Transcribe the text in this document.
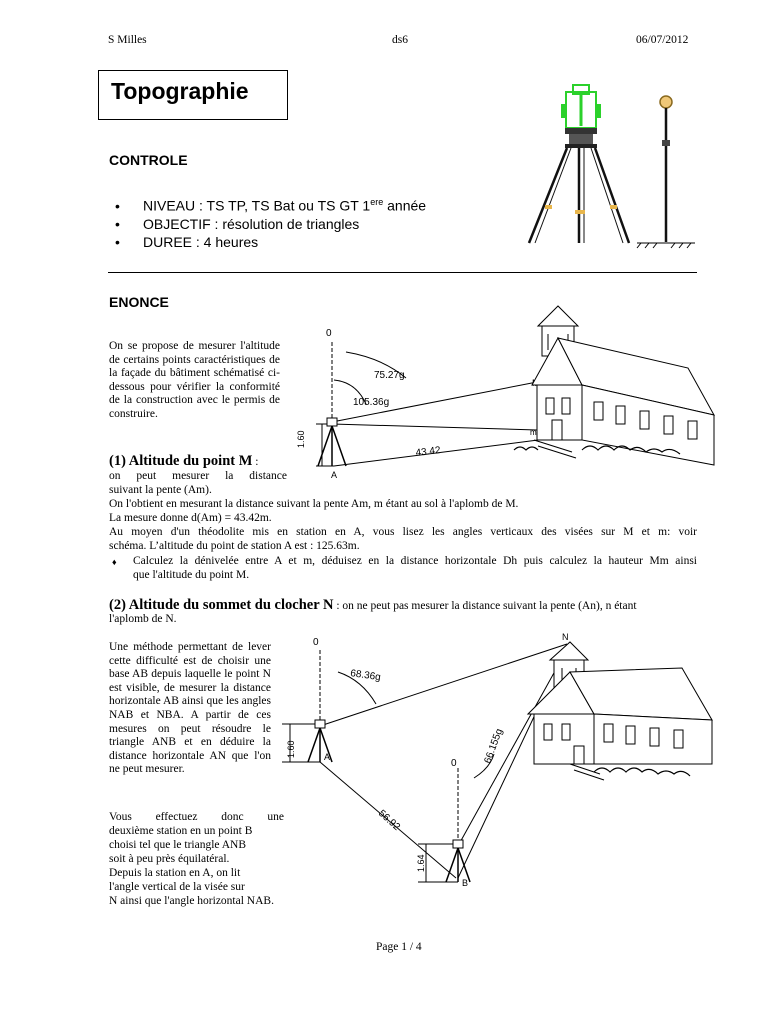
S Milles	ds6	06/07/2012
Topographie
CONTROLE
• NIVEAU : TS TP, TS Bat ou TS GT 1ere année
• OBJECTIF : résolution de triangles
• DUREE : 4 heures
ENONCE
On se propose de mesurer l'altitude de certains points caractéristiques de la façade du bâtiment schématisé ci-dessous pour vérifier la conformité de la construction avec le permis de construire.
0
75.27g
105.36g
1.60
43.42
A
m
(1) Altitude du point M :
on peut mesurer la distance
suivant la pente (Am).
On l'obtient en mesurant la distance suivant la pente Am, m étant au sol à l'aplomb de M.
La mesure donne d(Am) = 43.42m.
Au moyen d'un théodolite mis en station en A, vous lisez les angles verticaux des visées sur M et m: voir
schéma. L’altitude du point de station A est : 125.63m.
♦ Calculez la dénivelée entre A et m, déduisez en la distance horizontale Dh puis calculez la hauteur Mm ainsi
que l'altitude du point M.
(2) Altitude du sommet du clocher N : on ne peut pas mesurer la distance suivant la pente (An), n étant
l'aplomb de N.
Une méthode permettant de lever cette difficulté est de choisir une base AB depuis laquelle le point N est visible, de mesurer la distance horizontale AB ainsi que les angles NAB et NBA. A partir de ces mesures on peut résoudre le triangle ANB et en déduire la distance horizontale AN que l'on ne peut mesurer.
Vous effectuez donc une
deuxième station en un point B
choisi tel que le triangle ANB
soit à peu près équilatéral.
Depuis la station en A, on lit
l'angle vertical de la visée sur
N ainsi que l'angle horizontal NAB.
0
0
68.36g
66.155g
1.60
1.64
56.92
N
A
B
Page 1 / 4
